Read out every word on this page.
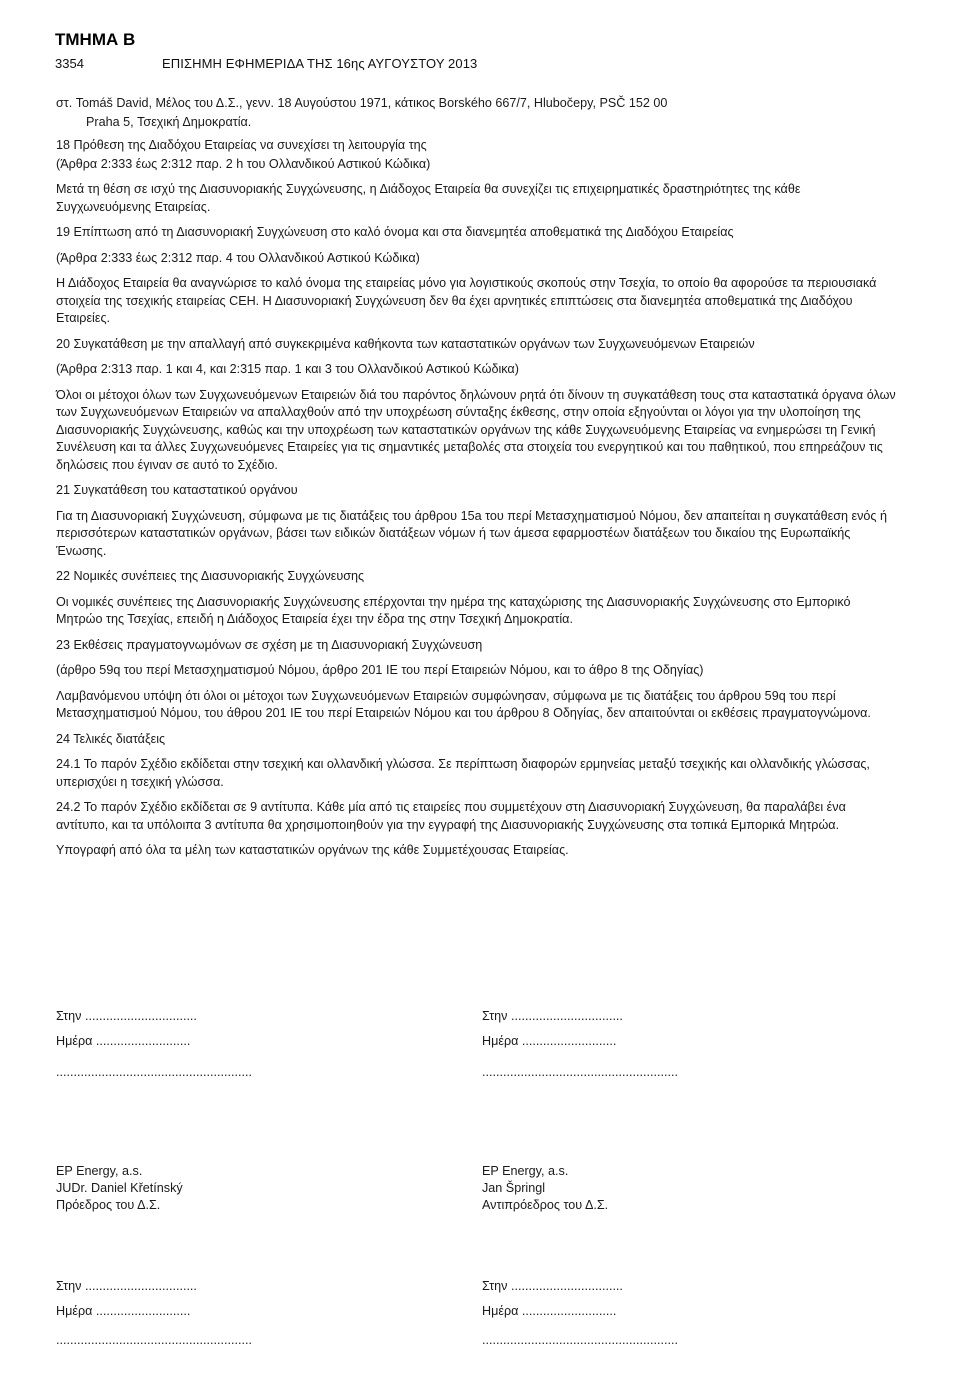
ΤΜΗΜΑ Β
3354	ΕΠΙΣΗΜΗ ΕΦΗΜΕΡΙΔΑ ΤΗΣ 16ης ΑΥΓΟΥΣΤΟΥ 2013

στ. Tomáš David, Μέλος του Δ.Σ., γενν. 18 Αυγούστου 1971, κάτικος Borského 667/7, Hlubočepy, PSČ 152 00

Praha 5, Τσεχική Δημοκρατία.

18 Πρόθεση της Διαδόχου Εταιρείας να συνεχίσει τη λειτουργία της

(Άρθρα 2:333 έως 2:312 παρ. 2 h του Ολλανδικού Αστικού Κώδικα)

Μετά τη θέση σε ισχύ της Διασυνοριακής Συγχώνευσης, η Διάδοχος Εταιρεία θα συνεχίζει τις επιχειρηματικές δραστηριότητες της κάθε Συγχωνευόμενης Εταιρείας.

19 Επίπτωση από τη Διασυνοριακή Συγχώνευση στο καλό όνομα και στα διανεμητέα αποθεματικά της Διαδόχου Εταιρείας

(Άρθρα 2:333 έως 2:312 παρ. 4 του Ολλανδικού Αστικού Κώδικα)

Η Διάδοχος Εταιρεία θα αναγνώρισε το καλό όνομα της εταιρείας μόνο για λογιστικούς σκοπούς στην Τσεχία, το οποίο θα αφορούσε τα περιουσιακά στοιχεία της τσεχικής εταιρείας CEH. Η Διασυνοριακή Συγχώνευση δεν θα έχει αρνητικές επιπτώσεις στα διανεμητέα αποθεματικά της Διαδόχου Εταιρείες.

20 Συγκατάθεση με την απαλλαγή από συγκεκριμένα καθήκοντα των καταστατικών οργάνων των Συγχωνευόμενων Εταιρειών

(Άρθρα 2:313 παρ. 1 και 4, και 2:315 παρ. 1 και 3 του Ολλανδικού Αστικού Κώδικα)

Όλοι οι μέτοχοι όλων των Συγχωνευόμενων Εταιρειών διά του παρόντος δηλώνουν ρητά ότι δίνουν τη συγκατάθεση τους στα καταστατικά όργανα όλων των Συγχωνευόμενων Εταιρειών να απαλλαχθούν από την υποχρέωση σύνταξης έκθεσης, στην οποία εξηγούνται οι λόγοι για την υλοποίηση της Διασυνοριακής Συγχώνευσης, καθώς και την υποχρέωση των καταστατικών οργάνων της κάθε Συγχωνευόμενης Εταιρείας να ενημερώσει τη Γενική Συνέλευση και τα άλλες Συγχωνευόμενες Εταιρείες για τις σημαντικές μεταβολές στα στοιχεία του ενεργητικού και του παθητικού, που επηρεάζουν τις δηλώσεις που έγιναν σε αυτό το Σχέδιο.

21 Συγκατάθεση του καταστατικού οργάνου

Για τη Διασυνοριακή Συγχώνευση, σύμφωνα με τις διατάξεις του άρθρου 15a του περί Μετασχηματισμού Νόμου, δεν απαιτείται η συγκατάθεση ενός ή περισσότερων καταστατικών οργάνων, βάσει των ειδικών διατάξεων νόμων ή των άμεσα εφαρμοστέων διατάξεων του δικαίου της Ευρωπαϊκής Ένωσης.

22 Νομικές συνέπειες της Διασυνοριακής Συγχώνευσης

Οι νομικές συνέπειες της Διασυνοριακής Συγχώνευσης επέρχονται την ημέρα της καταχώρισης της Διασυνοριακής Συγχώνευσης στο Εμπορικό Μητρώο της Τσεχίας, επειδή η Διάδοχος Εταιρεία έχει την έδρα της στην Τσεχική Δημοκρατία.

23 Εκθέσεις πραγματογνωμόνων σε σχέση με τη Διασυνοριακή Συγχώνευση

(άρθρο 59q του περί Μετασχηματισμού Νόμου, άρθρο 201 ΙΕ του περί Εταιρειών Νόμου, και το άθρο 8 της Οδηγίας)

Λαμβανόμενου υπόψη ότι όλοι οι μέτοχοι των Συγχωνευόμενων Εταιρειών συμφώνησαν, σύμφωνα με τις διατάξεις του άρθρου 59q του περί Μετασχηματισμού Νόμου, του άθρου 201 ΙΕ του περί Εταιρειών Νόμου και του άρθρου 8 Οδηγίας, δεν απαιτούνται οι εκθέσεις πραγματογνώμονα.

24 Τελικές διατάξεις

24.1 Το παρόν Σχέδιο εκδίδεται στην τσεχική και ολλανδική γλώσσα. Σε περίπτωση διαφορών ερμηνείας μεταξύ τσεχικής και ολλανδικής γλώσσας, υπερισχύει η τσεχική γλώσσα.

24.2 Το παρόν Σχέδιο εκδίδεται σε 9 αντίτυπα. Κάθε μία από τις εταιρείες που συμμετέχουν στη Διασυνοριακή Συγχώνευση, θα παραλάβει ένα αντίτυπο, και τα υπόλοιπα 3 αντίτυπα θα χρησιμοποιηθούν για την εγγραφή της Διασυνοριακής Συγχώνευσης στα τοπικά Εμπορικά Μητρώα.

Υπογραφή από όλα τα μέλη των καταστατικών οργάνων της κάθε Συμμετέχουσας Εταιρείας.

Στην ................................
Ημέρα ...........................
........................................................
Στην ................................
Ημέρα ...........................
........................................................
EP Energy, a.s.
JUDr. Daniel Křetínský
Πρόεδρος του Δ.Σ.
EP Energy, a.s.
Jan Špringl
Αντιπρόεδρος του Δ.Σ.
Στην ................................
Ημέρα ...........................
........................................................
Στην ................................
Ημέρα ...........................
........................................................
